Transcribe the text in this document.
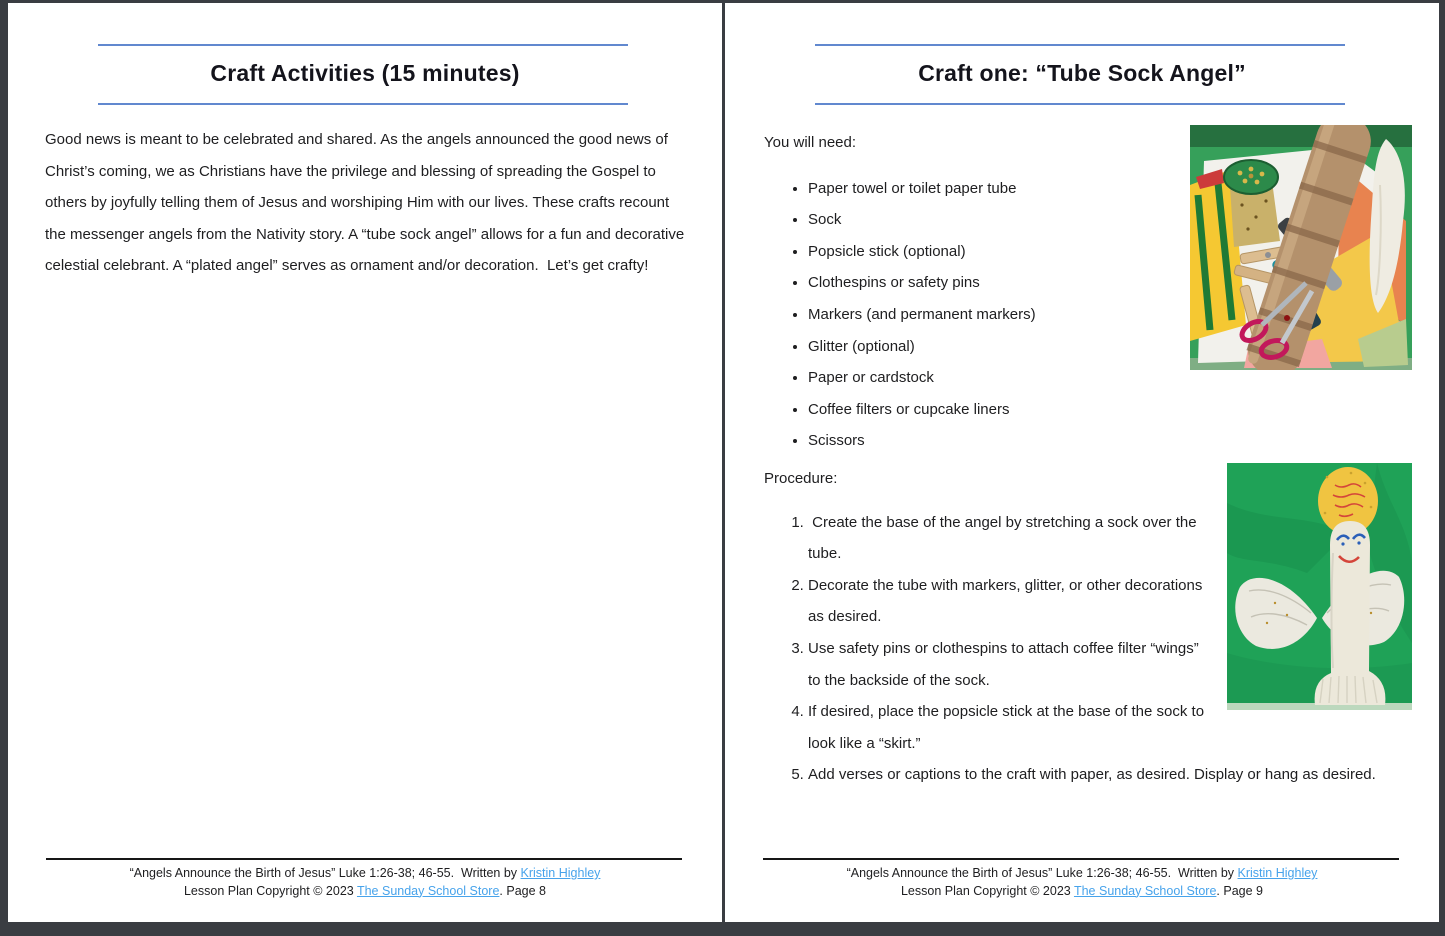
Craft Activities (15 minutes)
Good news is meant to be celebrated and shared. As the angels announced the good news of Christ’s coming, we as Christians have the privilege and blessing of spreading the Gospel to others by joyfully telling them of Jesus and worshiping Him with our lives. These crafts recount the messenger angels from the Nativity story. A “tube sock angel” allows for a fun and decorative celestial celebrant. A “plated angel” serves as ornament and/or decoration.  Let’s get crafty!
“Angels Announce the Birth of Jesus” Luke 1:26-38; 46-55.  Written by Kristin Highley
Lesson Plan Copyright © 2023 The Sunday School Store. Page 8
Craft one: “Tube Sock Angel”

You will need:

• Paper towel or toilet paper tube
• Sock
• Popsicle stick (optional)
• Clothespins or safety pins
• Markers (and permanent markers)
• Glitter (optional)
• Paper or cardstock
• Coffee filters or cupcake liners
• Scissors

Procedure:

1.  Create the base of the angel by stretching a sock over the tube.
2. Decorate the tube with markers, glitter, or other decorations as desired.
3. Use safety pins or clothespins to attach coffee filter “wings” to the backside of the sock.
4. If desired, place the popsicle stick at the base of the sock to look like a “skirt.”
5. Add verses or captions to the craft with paper, as desired. Display or hang as desired.
“Angels Announce the Birth of Jesus” Luke 1:26-38; 46-55.  Written by Kristin Highley
Lesson Plan Copyright © 2023 The Sunday School Store. Page 9
